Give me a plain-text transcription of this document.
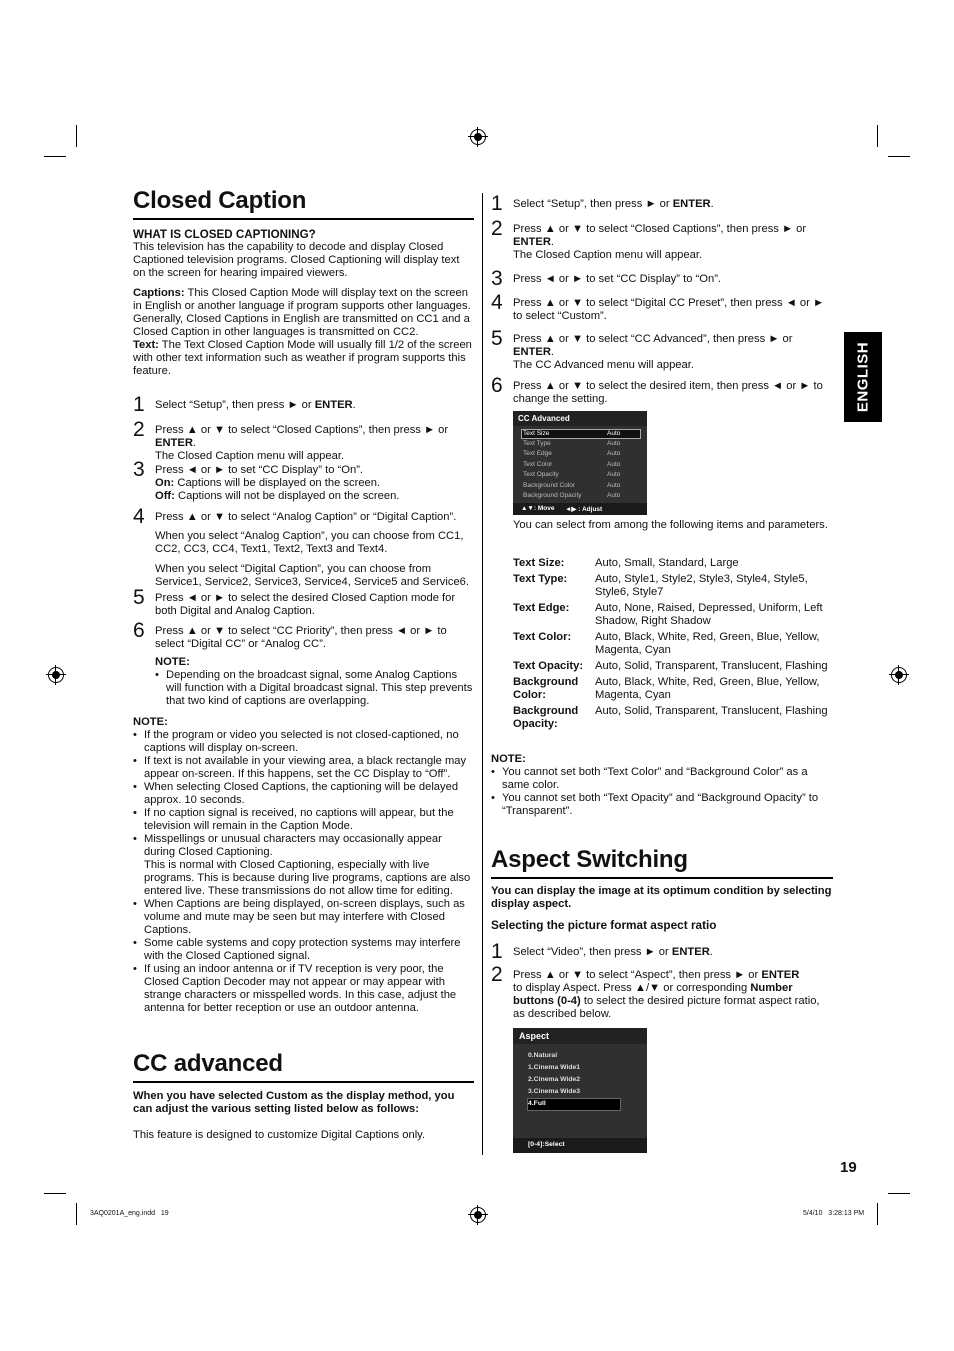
Closed Caption

WHAT IS CLOSED CAPTIONING?

This television has the capability to decode and display Closed Captioned television programs. Closed Captioning will display text on the screen for hearing impaired viewers.

Captions: This Closed Caption Mode will display text on the screen in English or another language if program supports other languages. Generally, Closed Captions in English are transmitted on CC1 and a Closed Caption in other languages is transmitted on CC2.

Text: The Text Closed Caption Mode will usually fill 1/2 of the screen with other text information such as weather if program supports this feature.

1 Select “Setup”, then press ► or ENTER.
2 Press ▲ or ▼ to select “Closed Captions”, then press ► or ENTER.
The Closed Caption menu will appear.
3 Press ◄ or ► to set “CC Display” to “On”.
On: Captions will be displayed on the screen.
Off: Captions will not be displayed on the screen.
4 Press ▲ or ▼ to select “Analog Caption” or “Digital Caption”.
When you select “Analog Caption”, you can choose from CC1, CC2, CC3, CC4, Text1, Text2, Text3 and Text4.
When you select “Digital Caption”, you can choose from Service1, Service2, Service3, Service4, Service5 and Service6.
5 Press ◄ or ► to select the desired Closed Caption mode for both Digital and Analog Caption.
6 Press ▲ or ▼ to select “CC Priority”, then press ◄ or ► to select “Digital CC” or “Analog CC”.

NOTE:

• Depending on the broadcast signal, some Analog Captions will function with a Digital broadcast signal. This step prevents that two kind of captions are overlapping.

NOTE:

• If the program or video you selected is not closed-captioned, no captions will display on-screen.
• If text is not available in your viewing area, a black rectangle may appear on-screen. If this happens, set the CC Display to “Off”.
• When selecting Closed Captions, the captioning will be delayed approx. 10 seconds.
• If no caption signal is received, no captions will appear, but the television will remain in the Caption Mode.
• Misspellings or unusual characters may occasionally appear during Closed Captioning.
This is normal with Closed Captioning, especially with live programs. This is because during live programs, captions are also entered live. These transmissions do not allow time for editing.
• When Captions are being displayed, on-screen displays, such as volume and mute may be seen but may interfere with Closed Captions.
• Some cable systems and copy protection systems may interfere with the Closed Captioned signal.
• If using an indoor antenna or if TV reception is very poor, the Closed Caption Decoder may not appear or may appear with strange characters or misspelled words. In this case, adjust the antenna for better reception or use an outdoor antenna.
CC advanced

When you have selected Custom as the display method, you can adjust the various setting listed below as follows:

This feature is designed to customize Digital Captions only.

1 Select “Setup”, then press ► or ENTER.
2 Press ▲ or ▼ to select “Closed Captions”, then press ► or ENTER.
The Closed Caption menu will appear.
3 Press ◄ or ► to set “CC Display” to “On”.
4 Press ▲ or ▼ to select “Digital CC Preset”, then press ◄ or ► to select “Custom”.
5 Press ▲ or ▼ to select “CC Advanced”, then press ► or ENTER.
The CC Advanced menu will appear.
6 Press ▲ or ▼ to select the desired item, then press ◄ or ► to change the setting.
CC Advanced
Text Size	Auto
Text Type	Auto
Text Edge	Auto
Text Color	Auto
Text Opacity	Auto
Background Color	Auto
Background Opacity	Auto
▲▼: Move ◄▶ : Adjust

You can select from among the following items and parameters.

Text Size:	Auto, Small, Standard, Large
Text Type:	Auto, Style1, Style2, Style3, Style4, Style5, Style6, Style7
Text Edge:	Auto, None, Raised, Depressed, Uniform, Left Shadow, Right Shadow
Text Color:	Auto, Black, White, Red, Green, Blue, Yellow, Magenta, Cyan
Text Opacity:	Auto, Solid, Transparent, Translucent, Flashing
Background Color:	Auto, Black, White, Red, Green, Blue, Yellow, Magenta, Cyan
Background Opacity:	Auto, Solid, Transparent, Translucent, Flashing

NOTE:

• You cannot set both “Text Color” and “Background Color” as a same color.
• You cannot set both “Text Opacity” and “Background Opacity” to “Transparent”.
Aspect Switching

You can display the image at its optimum condition by selecting display aspect.

Selecting the picture format aspect ratio

1 Select “Video”, then press ► or ENTER.
2 Press ▲ or ▼ to select “Aspect”, then press ► or ENTER
to display Aspect. Press ▲/▼ or corresponding Number buttons (0-4) to select the desired picture format aspect ratio, as described below.
Aspect
0.Natural
1.Cinema Wide1
2.Cinema Wide2
3.Cinema Wide3
4.Full
[0-4]:Select
ENGLISH
19
3AQ0201A_eng.indd   19	5/4/10   3:28:13 PM
